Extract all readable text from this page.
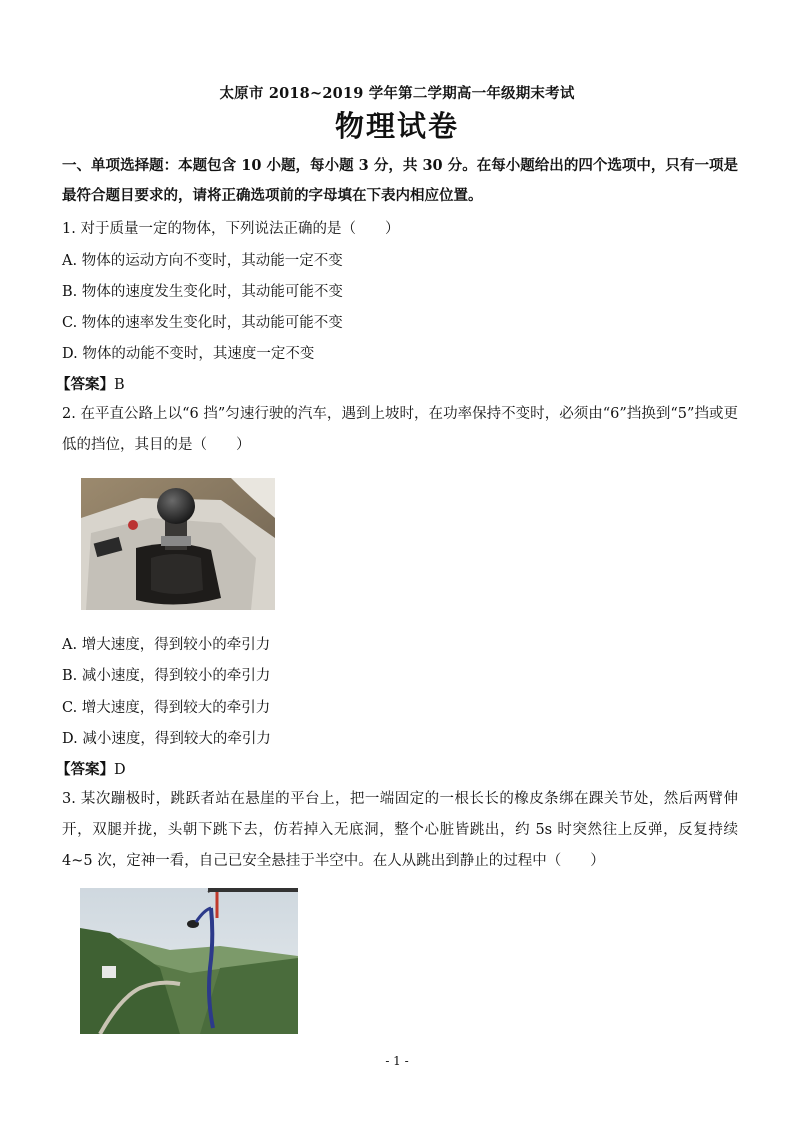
太原市 2018~2019 学年第二学期高一年级期末考试
物理试卷
一、单项选择题：本题包含 10 小题，每小题 3 分，共 30 分。在每小题给出的四个选项中，只有一项是最符合题目要求的，请将正确选项前的字母填在下表内相应位置。
1. 对于质量一定的物体，下列说法正确的是（　　）
A. 物体的运动方向不变时，其动能一定不变
B. 物体的速度发生变化时，其动能可能不变
C. 物体的速率发生变化时，其动能可能不变
D. 物体的动能不变时，其速度一定不变
【答案】B
2. 在平直公路上以“6 挡”匀速行驶的汽车，遇到上坡时，在功率保持不变时，必须由“6”挡换到“5”挡或更低的挡位，其目的是（　　）
A. 增大速度，得到较小的牵引力
B. 减小速度，得到较小的牵引力
C. 增大速度，得到较大的牵引力
D. 减小速度，得到较大的牵引力
【答案】D
3. 某次蹦极时，跳跃者站在悬崖的平台上，把一端固定的一根长长的橡皮条绑在踝关节处，然后两臂伸开，双腿并拢，头朝下跳下去，仿若掉入无底洞，整个心脏皆跳出，约 5s 时突然往上反弹，反复持续 4~5 次，定神一看，自己已安全悬挂于半空中。在人从跳出到静止的过程中（　　）
- 1 -
